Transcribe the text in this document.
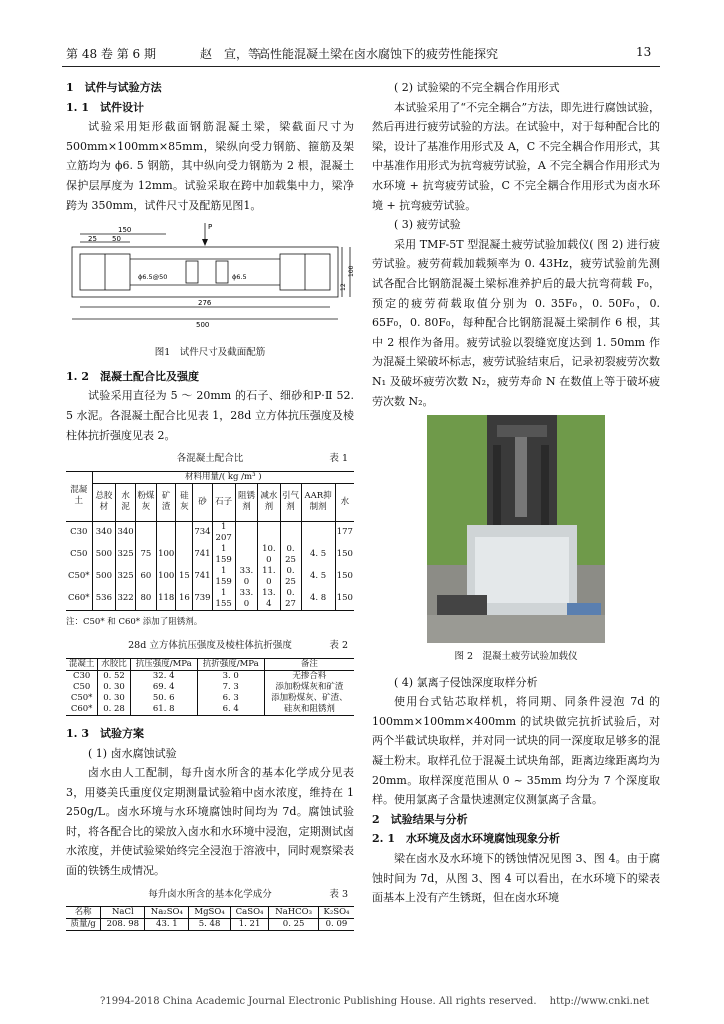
第 48 卷 第 6 期	赵　宣，等.
高性能混凝土梁在卤水腐蚀下的疲劳性能探究	13

1　试件与试验方法

1. 1　试件设计

试验采用矩形截面钢筋混凝土梁，梁截面尺寸为500mm×100mm×85mm，梁纵向受力钢筋、箍筋及架立筋均为 ϕ6. 5 钢筋，其中纵向受力钢筋为 2 根，混凝土保护层厚度为 12mm。试验采取在跨中加载集中力，梁净跨为 350mm，试件尺寸及配筋见图1。

P
150
25 50
ϕ6.5@50	ϕ6.5
276
500
12
100
图1　试件尺寸及截面配筋

1. 2　混凝土配合比及强度

试验采用直径为 5 ～ 20mm 的石子、细砂和P·Ⅱ 52. 5 水泥。各混凝土配合比见表 1，28d 立方体抗压强度及棱柱体抗折强度见表 2。

各混凝土配合比	表 1
混凝土	材料用量/( kg /m³ )											
	总胶材	水泥	粉煤灰	矿渣	硅灰	砂	石子	阻锈剂	减水剂	引气剂	AAR抑制剂	水
C30	340	340				734	1 207					177
C50	500	325	75	100		741	1 159		10. 0	0. 25	4. 5	150
C50*	500	325	60	100	15	741	1 159	33. 0	11. 0	0. 25	4. 5	150
C60*	536	322	80	118	16	739	1 155	33. 0	13. 4	0. 27	4. 8	150
注：C50* 和 C60* 添加了阻锈剂。
28d 立方体抗压强度及棱柱体抗折强度	表 2
混凝土	水胶比	抗压强度/MPa	抗折强度/MPa	备注
C30	0. 52	32. 4	3. 0	无掺合料
C50	0. 30	69. 4	7. 3	添加粉煤灰和矿渣
C50*	0. 30	50. 6	6. 3	添加粉煤灰、矿渣、
C60*	0. 28	61. 8	6. 4	硅灰和阻锈剂

1. 3　试验方案

( 1) 卤水腐蚀试验

卤水由人工配制，每升卤水所含的基本化学成分见表 3，用婆美氏重度仪定期测量试验箱中卤水浓度，维持在 1 250g/L。卤水环境与水环境腐蚀时间均为 7d。腐蚀试验时，将各配合比的梁放入卤水和水环境中浸泡，定期测试卤水浓度，并使试验梁始终完全浸泡于溶液中，同时观察梁表面的铁锈生成情况。

每升卤水所含的基本化学成分	表 3
名称	NaCl	Na₂SO₄	MgSO₄	CaSO₄	NaHCO₃	K₂SO₄
质量/g	208. 98	43. 1	5. 48	1. 21	0. 25	0. 09

( 2) 试验梁的不完全耦合作用形式

本试验采用了“不完全耦合”方法，即先进行腐蚀试验，然后再进行疲劳试验的方法。在试验中，对于每种配合比的梁，设计了基准作用形式及 A，C 不完全耦合作用形式，其中基准作用形式为抗弯疲劳试验，A 不完全耦合作用形式为水环境 + 抗弯疲劳试验，C 不完全耦合作用形式为卤水环境 + 抗弯疲劳试验。

( 3) 疲劳试验

采用 TMF-5T 型混凝土疲劳试验加载仪( 图 2) 进行疲劳试验。疲劳荷载加载频率为 0. 43Hz，疲劳试验前先测试各配合比钢筋混凝土梁标准养护后的最大抗弯荷载 F₀，预定的疲劳荷载取值分别为 0. 35F₀，0. 50F₀，0. 65F₀，0. 80F₀，每种配合比钢筋混凝土梁制作 6 根，其中 2 根作为备用。疲劳试验以裂缝宽度达到 1. 50mm 作为混凝土梁破坏标志，疲劳试验结束后，记录初裂疲劳次数 N₁ 及破坏疲劳次数 N₂，疲劳寿命 N 在数值上等于破坏疲劳次数 N₂。

图 2　混凝土疲劳试验加载仪

( 4) 氯离子侵蚀深度取样分析

使用台式钻芯取样机，将同期、同条件浸泡 7d 的 100mm×100mm×400mm 的试块做完抗折试验后，对两个半截试块取样，并对同一试块的同一深度取足够多的混凝土粉末。取样孔位于混凝土试块角部，距离边缘距离均为 20mm。取样深度范围从 0 ~ 35mm 均分为 7 个深度取样。使用氯离子含量快速测定仪测氯离子含量。

2　试验结果与分析

2. 1　水环境及卤水环境腐蚀现象分析

梁在卤水及水环境下的锈蚀情况见图 3、图 4。由于腐蚀时间为 7d，从图 3、图 4 可以看出，在水环境下的梁表面基本上没有产生锈斑，但在卤水环境

?1994-2018 China Academic Journal Electronic Publishing House. All rights reserved.　 http://www.cnki.net
